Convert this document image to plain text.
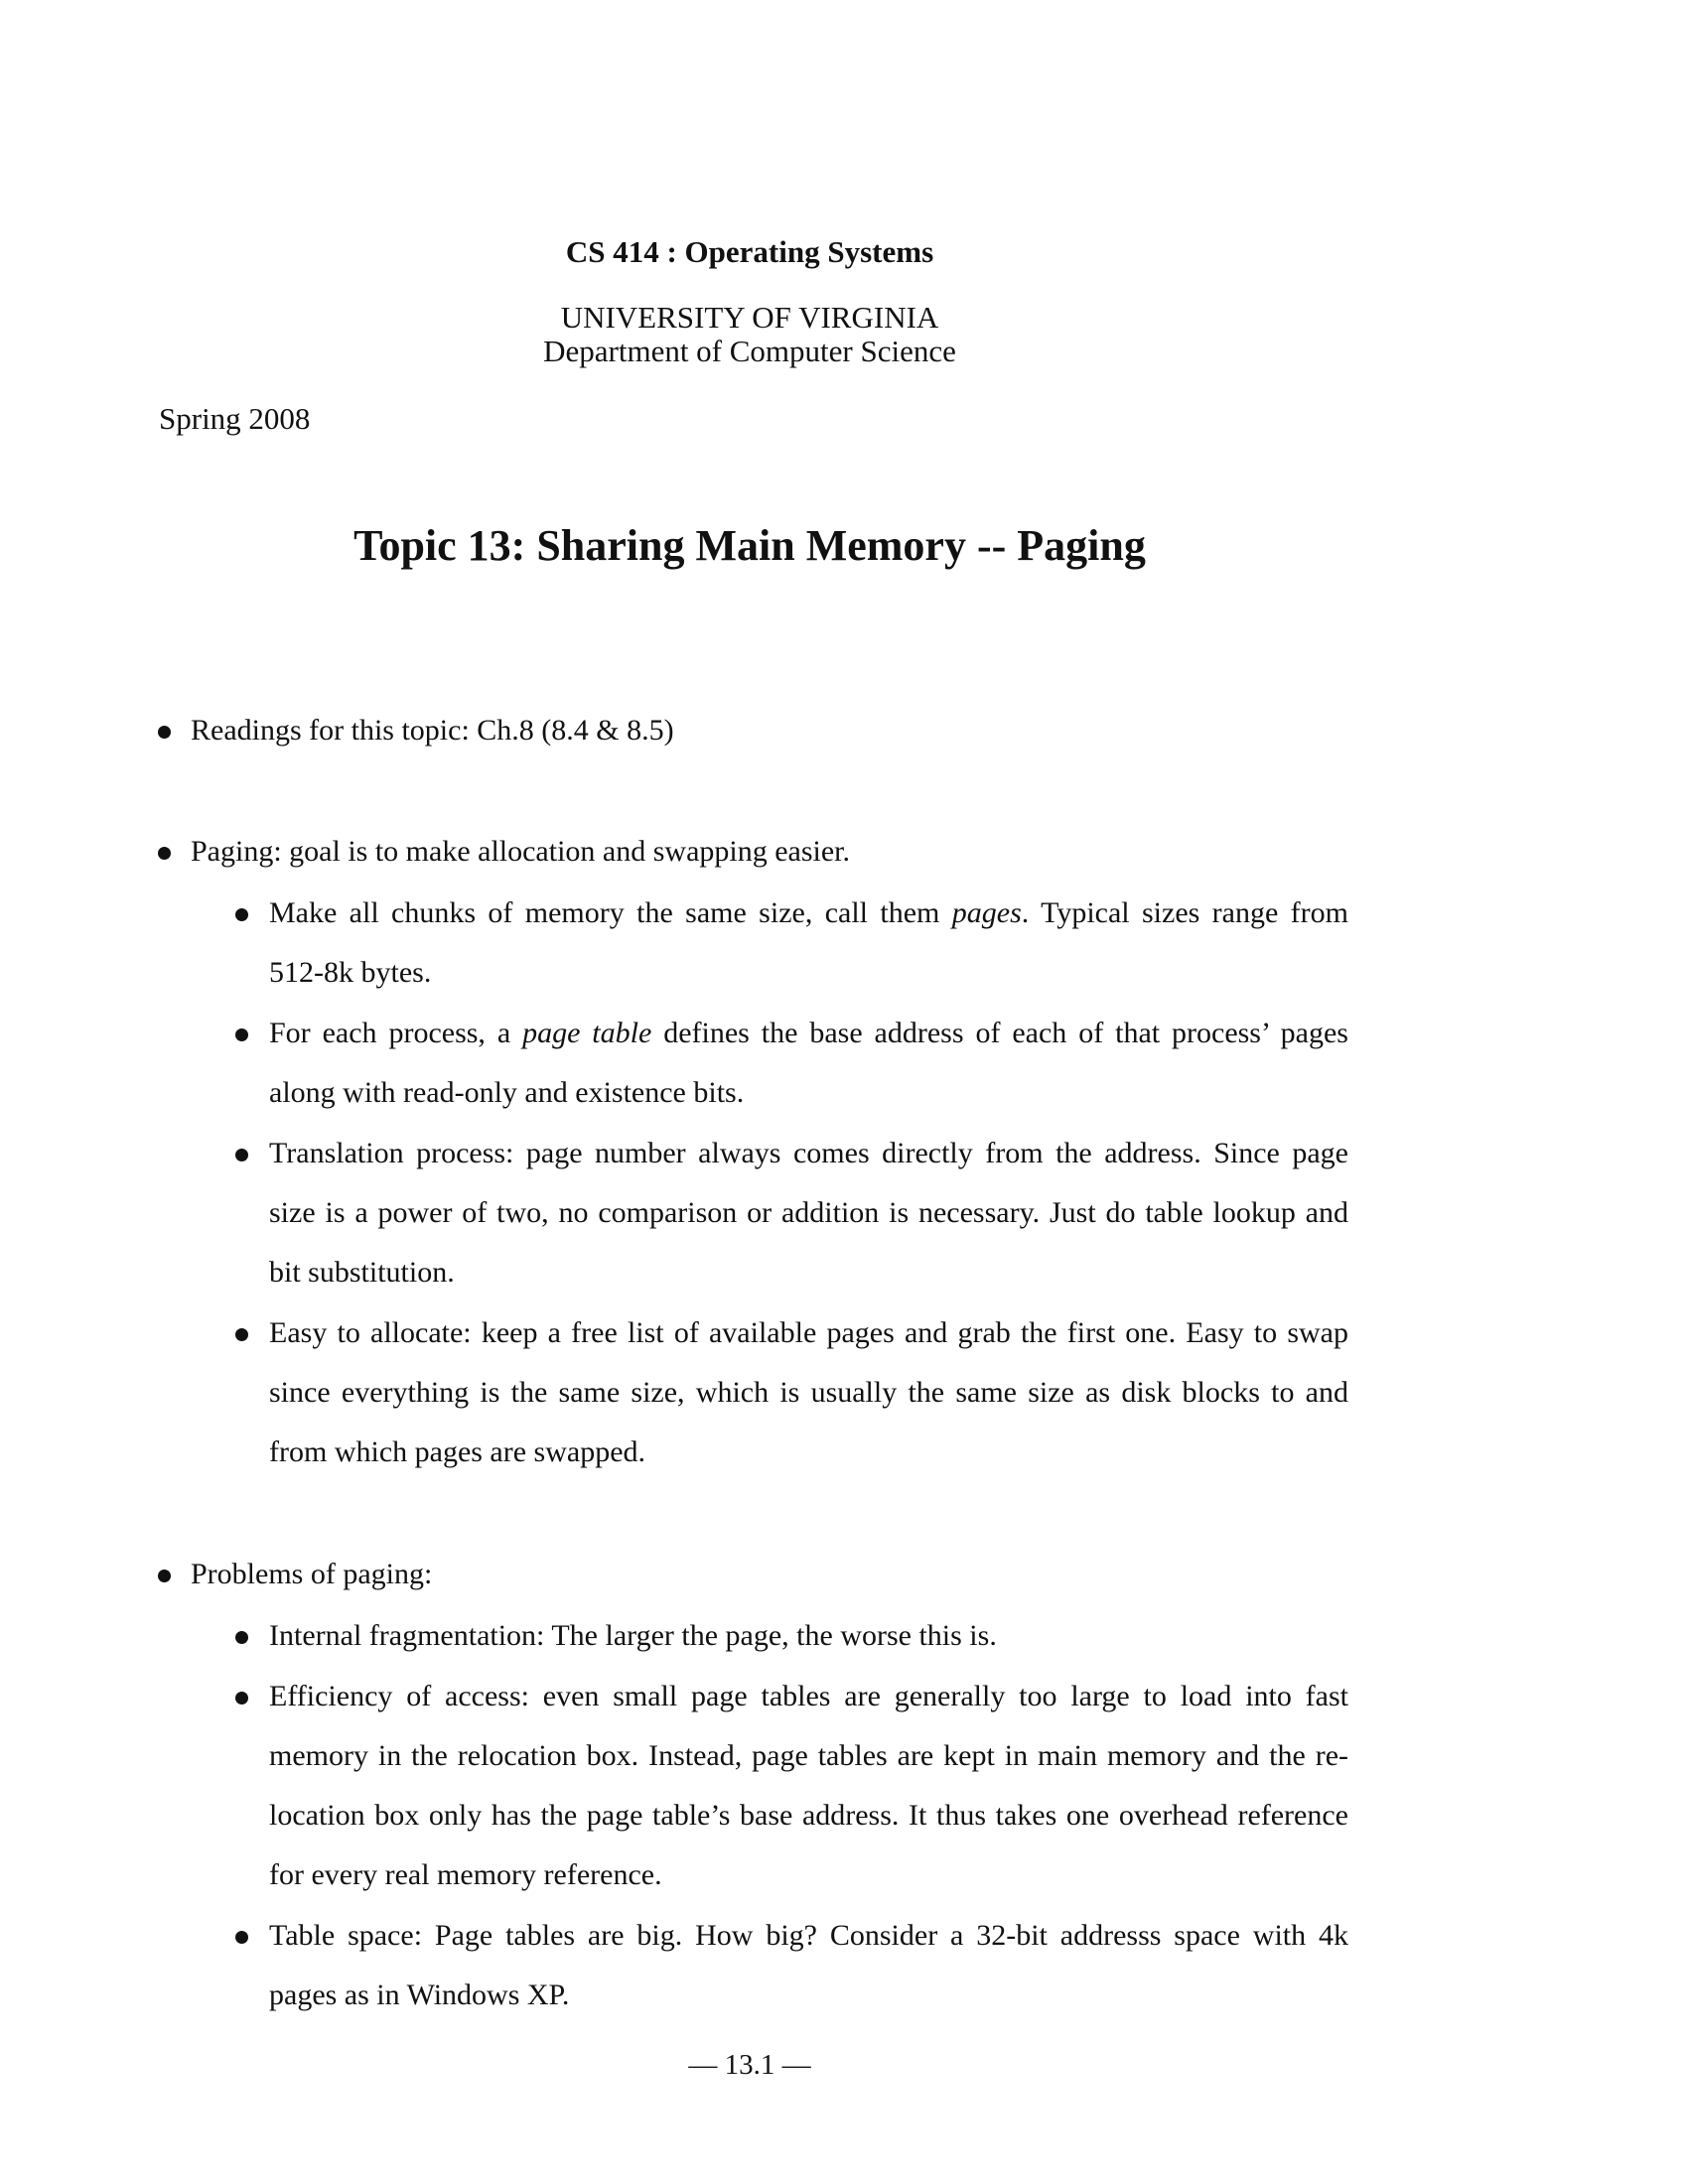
CS 414 : Operating Systems
UNIVERSITY OF VIRGINIA
Department of Computer Science
Spring 2008
Topic 13: Sharing Main Memory -- Paging
Readings for this topic: Ch.8 (8.4 & 8.5)
Paging: goal is to make allocation and swapping easier.
Make all chunks of memory the same size, call them pages. Typical sizes range from
512-8k bytes.
For each process, a page table defines the base address of each of that process’ pages
along with read-only and existence bits.
Translation process: page number always comes directly from the address. Since page
size is a power of two, no comparison or addition is necessary. Just do table lookup and
bit substitution.
Easy to allocate: keep a free list of available pages and grab the first one. Easy to swap
since everything is the same size, which is usually the same size as disk blocks to and
from which pages are swapped.
Problems of paging:
Internal fragmentation: The larger the page, the worse this is.
Efficiency of access: even small page tables are generally too large to load into fast
memory in the relocation box. Instead, page tables are kept in main memory and the re-
location box only has the page table’s base address. It thus takes one overhead reference
for every real memory reference.
Table space: Page tables are big. How big? Consider a 32-bit addresss space with 4k
pages as in Windows XP.
— 13.1 —
